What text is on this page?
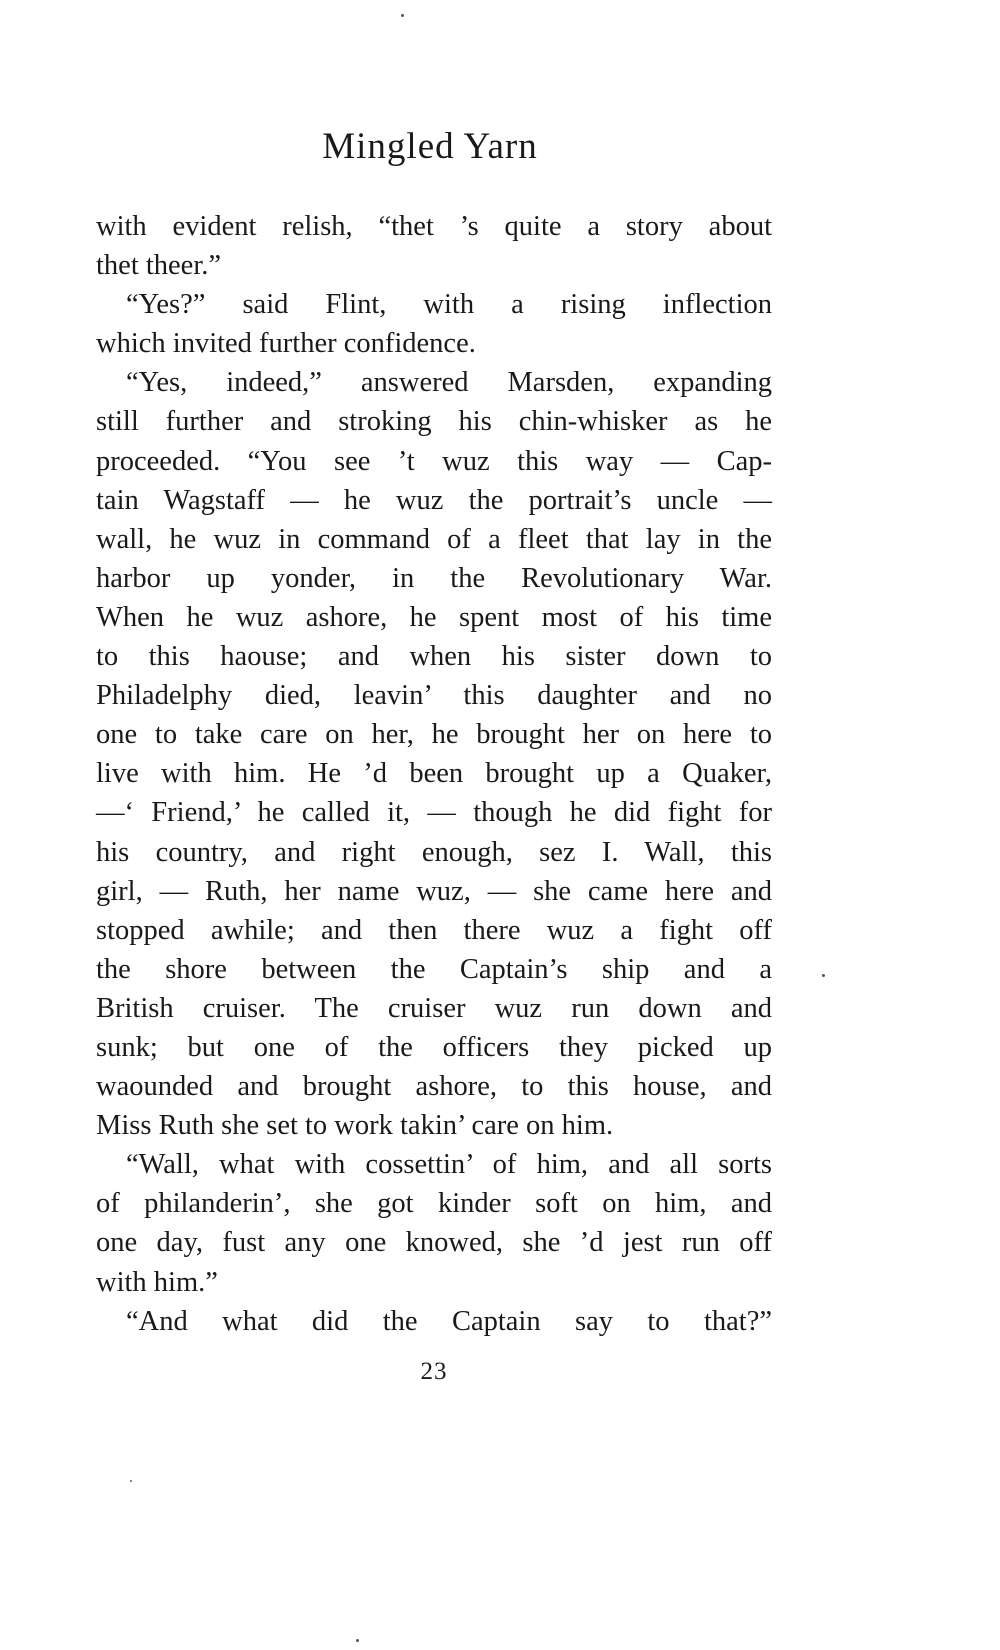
Mingled Yarn
with evident relish, “thet ’s quite a story about
thet theer.”
“Yes?” said Flint, with a rising inflection
which invited further confidence.
“Yes, indeed,” answered Marsden, expanding
still further and stroking his chin-whisker as he
proceeded. “You see ’t wuz this way — Cap-
tain Wagstaff — he wuz the portrait’s uncle —
wall, he wuz in command of a fleet that lay in the
harbor up yonder, in the Revolutionary War.
When he wuz ashore, he spent most of his time
to this haouse; and when his sister down to
Philadelphy died, leavin’ this daughter and no
one to take care on her, he brought her on here to
live with him. He ’d been brought up a Quaker,
—‘ Friend,’ he called it, — though he did fight for
his country, and right enough, sez I. Wall, this
girl, — Ruth, her name wuz, — she came here and
stopped awhile; and then there wuz a fight off
the shore between the Captain’s ship and a
British cruiser. The cruiser wuz run down and
sunk; but one of the officers they picked up
waounded and brought ashore, to this house, and
Miss Ruth she set to work takin’ care on him.
“Wall, what with cossettin’ of him, and all sorts
of philanderin’, she got kinder soft on him, and
one day, fust any one knowed, she ’d jest run off
with him.”
“And what did the Captain say to that?”
23
